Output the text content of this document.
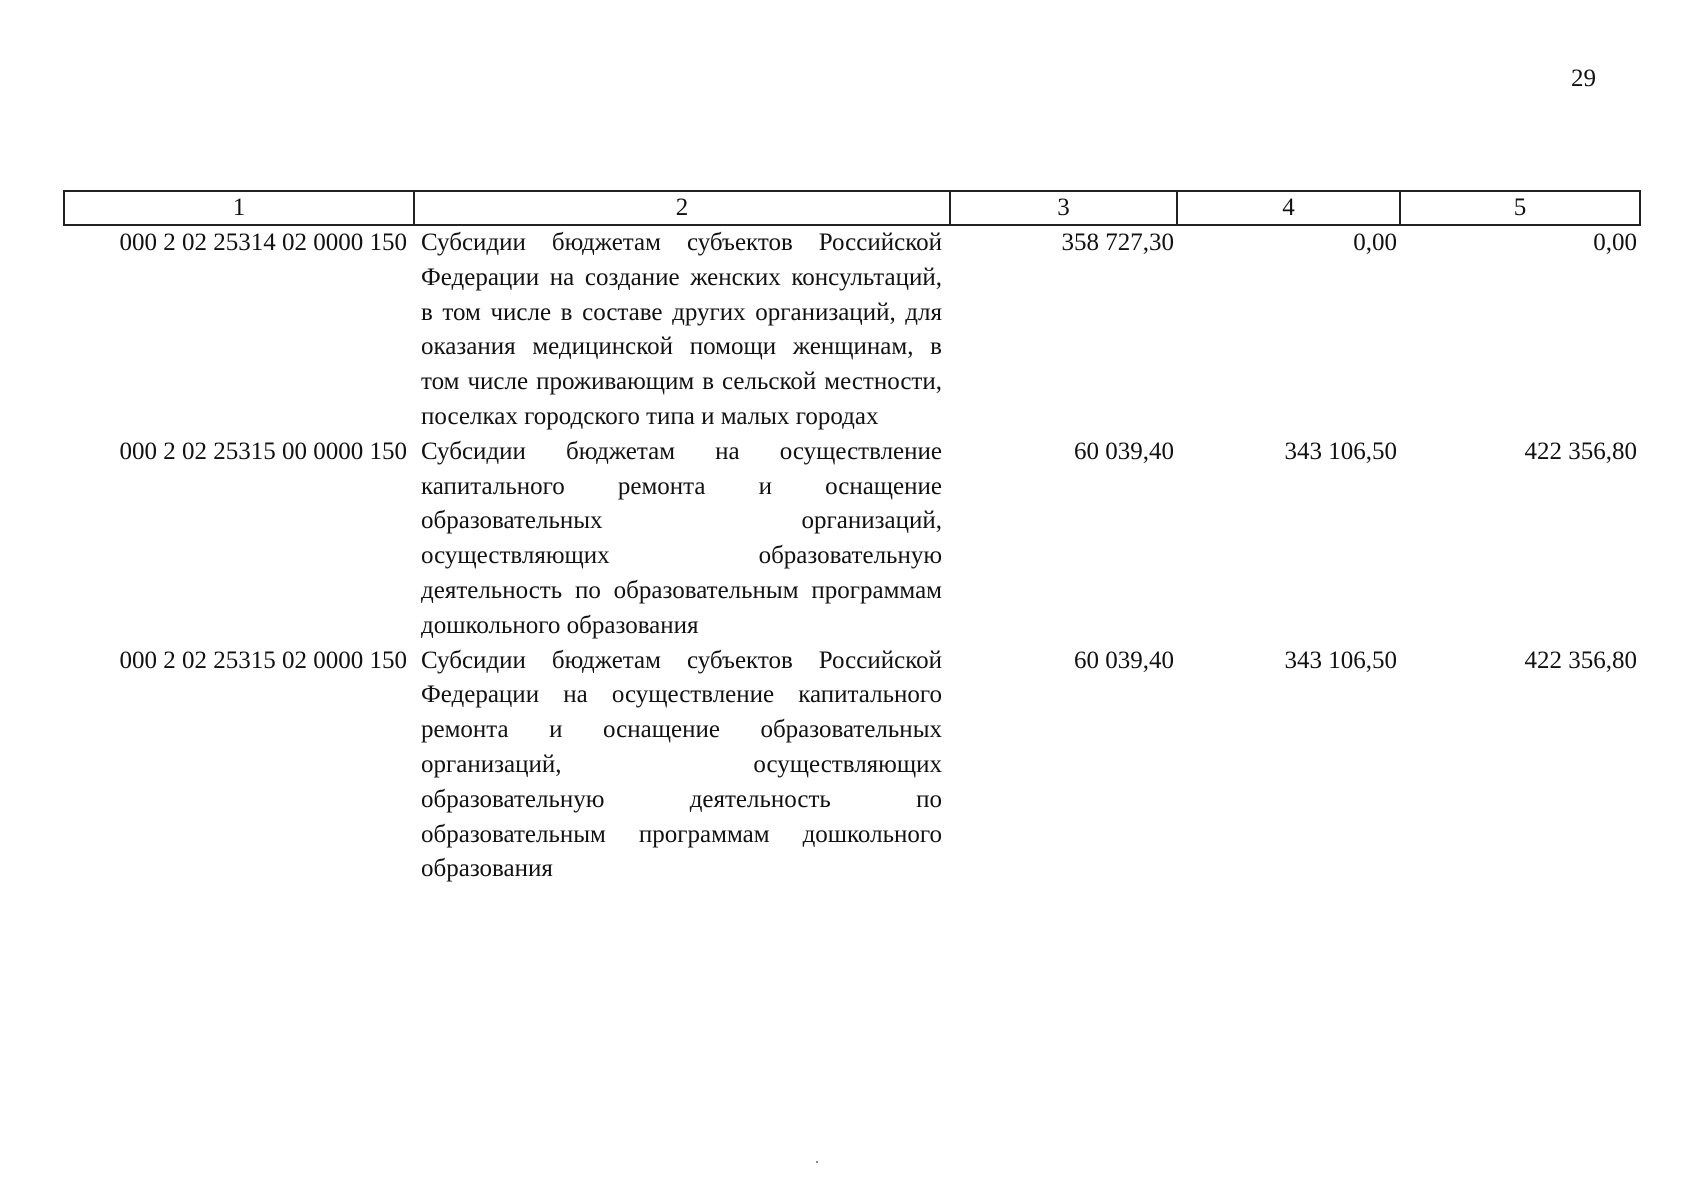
29
1	2	3	4	5
000 2 02 25314 02 0000 150	Субсидии бюджетам субъектов Российской Федерации на создание женских консультаций, в том числе в составе других организаций, для оказания медицинской помощи женщинам, в том числе проживающим в сельской местности, поселках городского типа и малых городах	358 727,30	0,00	0,00
000 2 02 25315 00 0000 150	Субсидии бюджетам на осуществление капитального ремонта и оснащение образовательных организаций, осуществляющих образовательную деятельность по образовательным программам дошкольного образования	60 039,40	343 106,50	422 356,80
000 2 02 25315 02 0000 150	Субсидии бюджетам субъектов Российской Федерации на осуществление капитального ремонта и оснащение образовательных организаций, осуществляющих образовательную деятельность по образовательным программам дошкольного образования	60 039,40	343 106,50	422 356,80
